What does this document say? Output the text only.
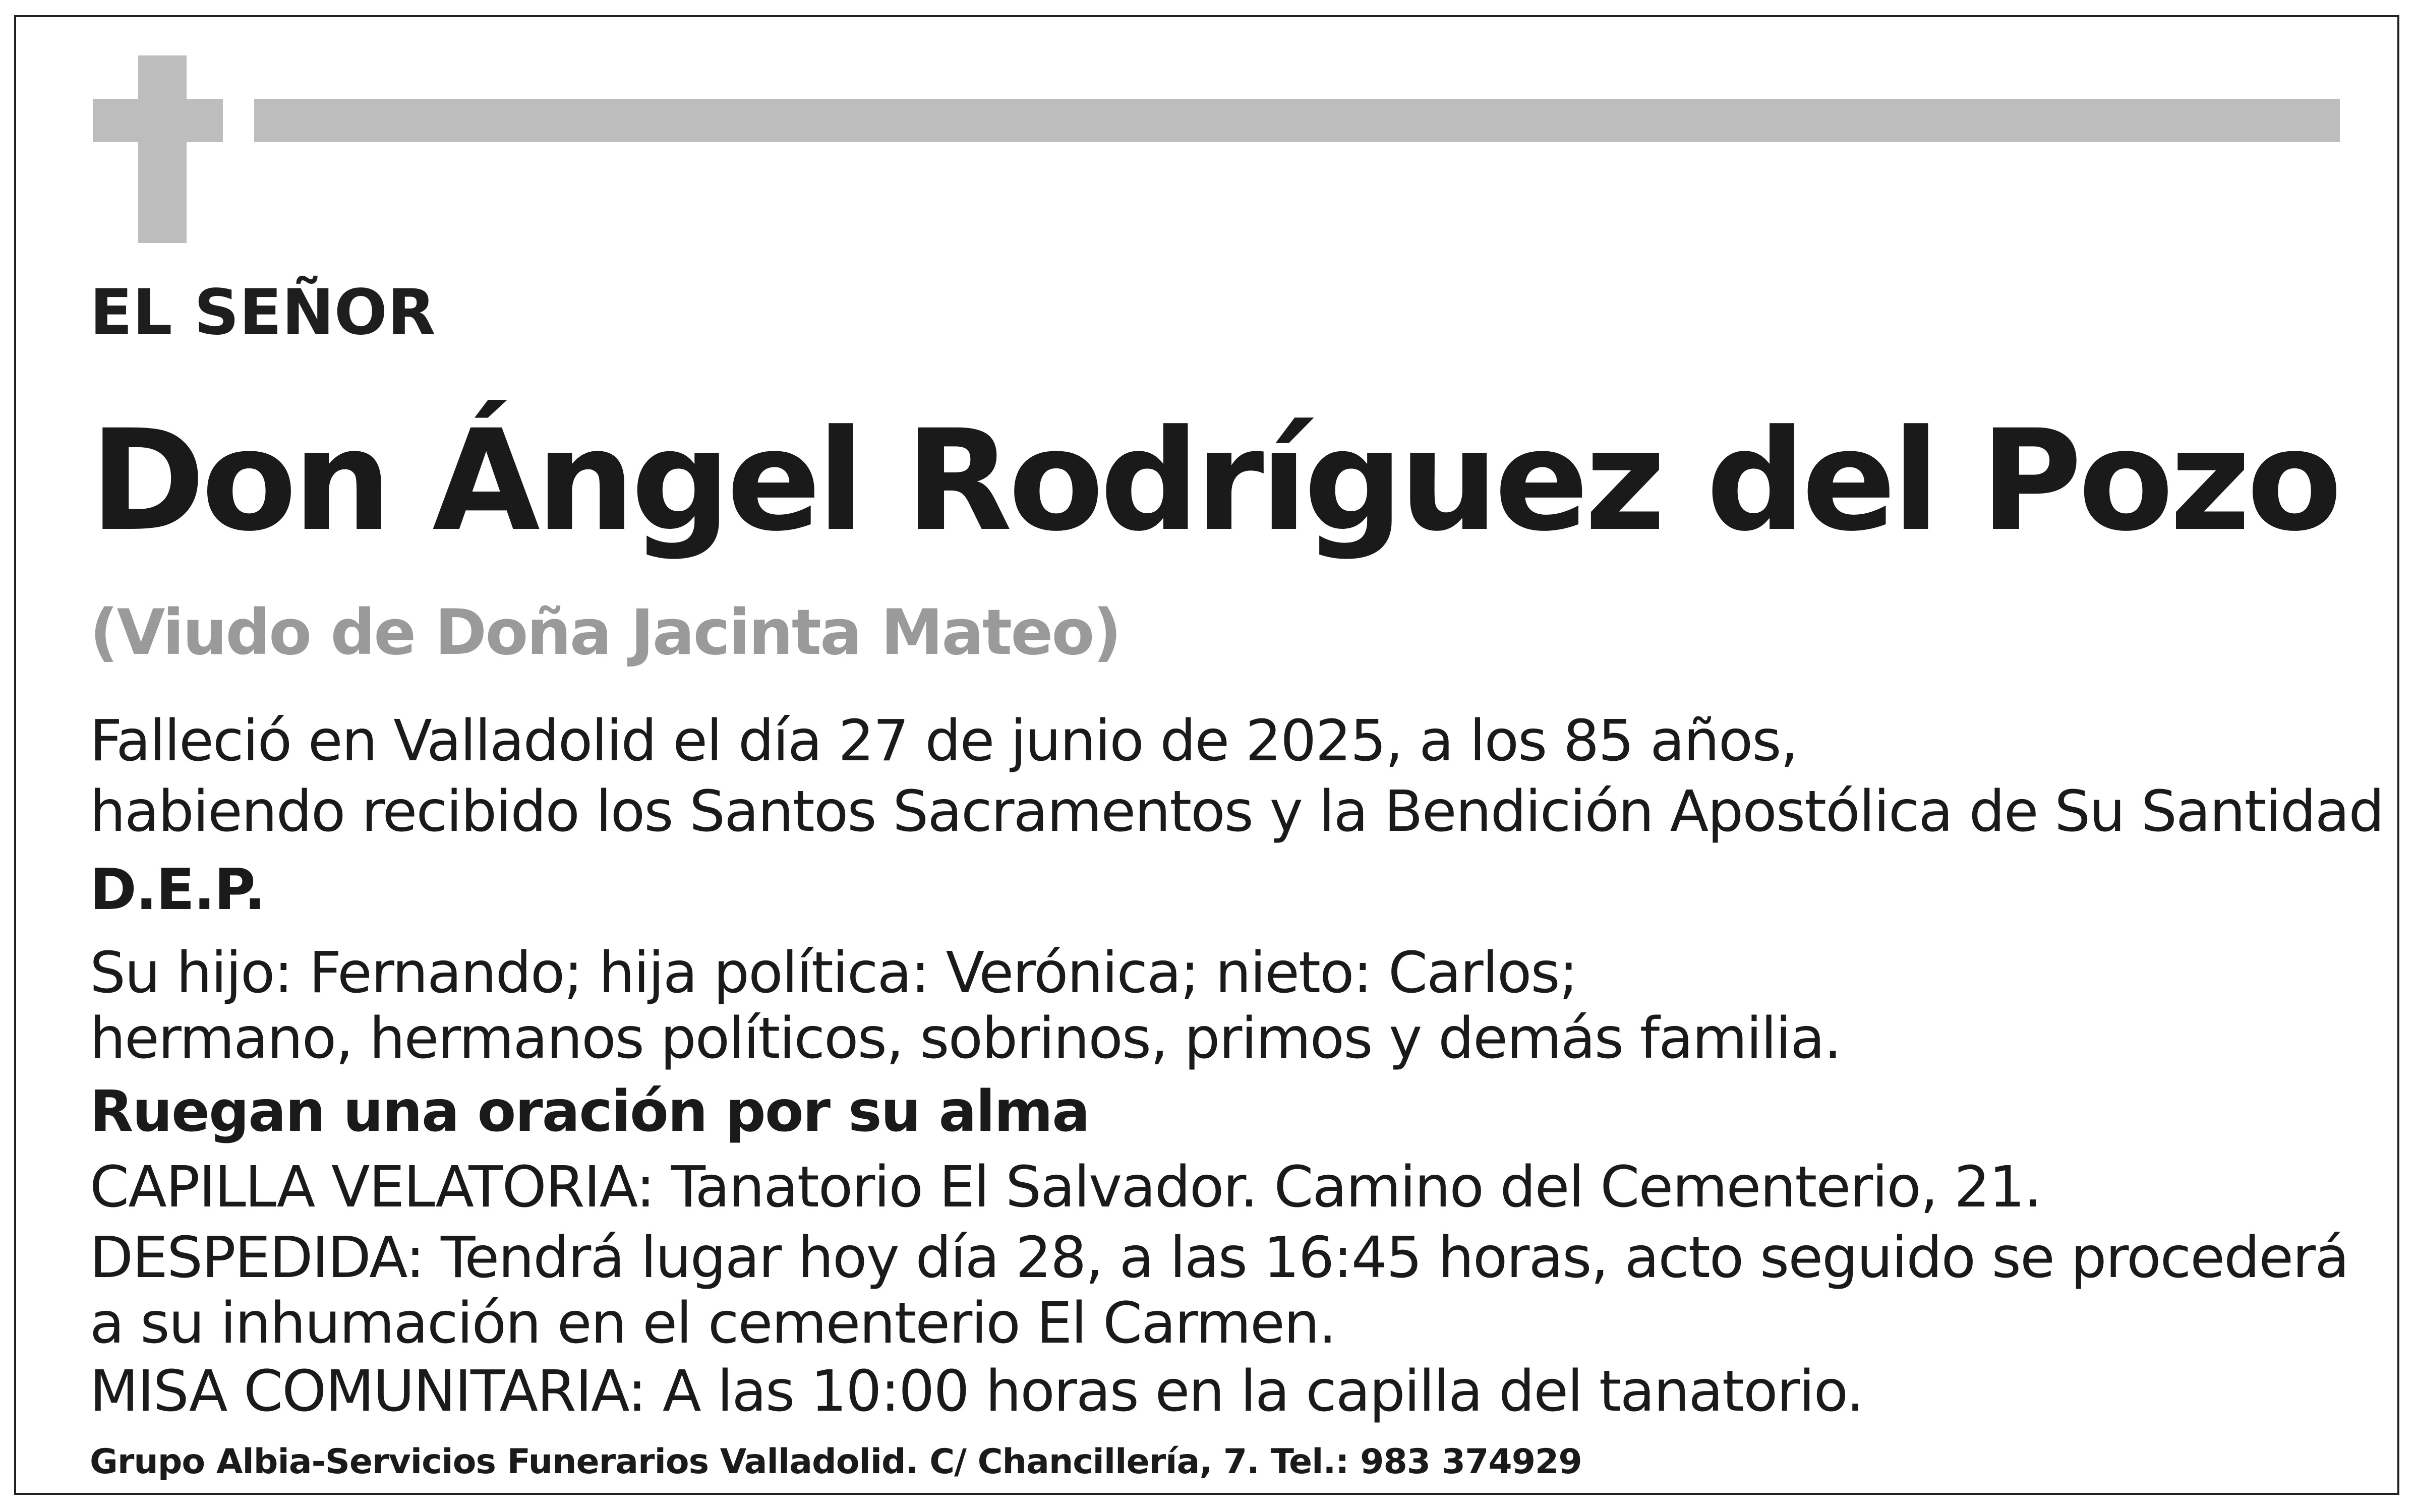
EL SEÑOR

Don Ángel Rodríguez del Pozo

(Viudo de Doña Jacinta Mateo)

Falleció en Valladolid el día 27 de junio de 2025, a los 85 años,

habiendo recibido los Santos Sacramentos y la Bendición Apostólica de Su Santidad

D.E.P.

Su hijo: Fernando; hija política: Verónica; nieto: Carlos;

hermano, hermanos políticos, sobrinos, primos y demás familia.

Ruegan una oración por su alma

CAPILLA VELATORIA: Tanatorio El Salvador. Camino del Cementerio, 21.

DESPEDIDA: Tendrá lugar hoy día 28, a las 16:45 horas, acto seguido se procederá

a su inhumación en el cementerio El Carmen.

MISA COMUNITARIA: A las 10:00 horas en la capilla del tanatorio.

Grupo Albia-Servicios Funerarios Valladolid. C/ Chancillería, 7. Tel.: 983 374929
